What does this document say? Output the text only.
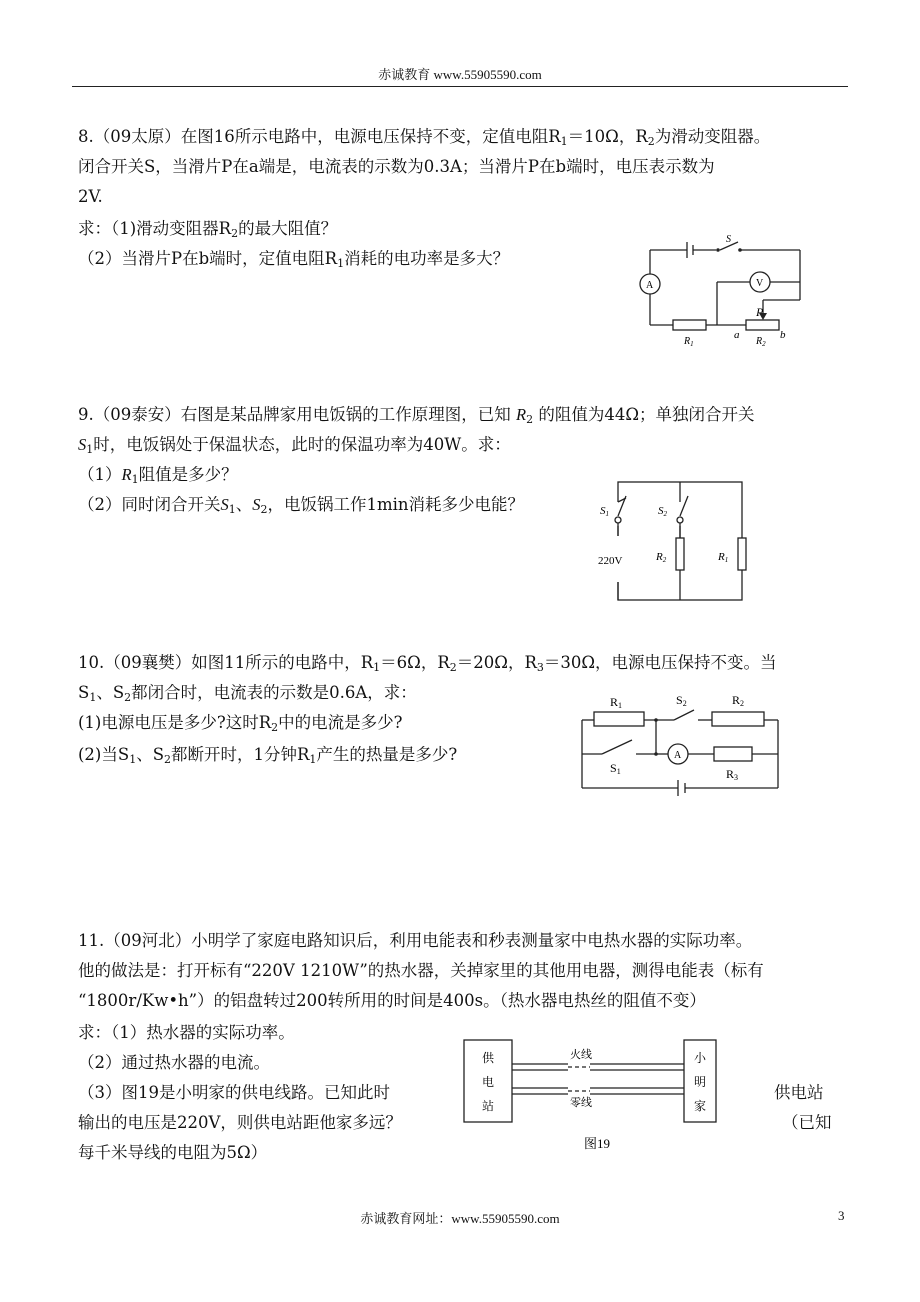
赤诚教育 www.55905590.com
8.（09太原）在图16所示电路中，电源电压保持不变，定值电阻$R_1=10\Omega$，$R_2$为滑动变阻器。
闭合开关S，当滑片P在a端是，电流表的示数为0.3A；当滑片P在b端时，电压表示数为
2V.
求：（1)滑动变阻器$R_2$的最大阻值？
（2）当滑片P在b端时，定值电阻$R_1$消耗的电功率是多大？
S
A	V
P
$R_1$	$R_2$
a	b
9.（09泰安）右图是某品牌家用电饭锅的工作原理图，已知 $R_2$ 的阻值为44Ω；单独闭合开关
$S_1$时，电饭锅处于保温状态，此时的保温功率为40W。求：
$(1)R_1$阻值是多少？
（2）同时闭合开关$S_1$、$S_2$，电饭锅工作1min消耗多少电能？	S1	S2
220V	R2	R1
10.（09襄樊）如图11所示的电路中，$R_1=6\Omega$，$R_2=20\Omega$，$R_3=30\Omega$，电源电压保持不变。当
$S_1$、$S_2$都闭合时，电流表的示数是0.6A，求：
(1)电源电压是多少?这时$R_2$中的电流是多少?
(2)当$S_1$、$S_2$都断开时，1分钟$R_1$产生的热量是多少?
R1	S2	R2
S1
A
R3
11.（09河北）小明学了家庭电路知识后，利用电能表和秒表测量家中电热水器的实际功率。
他的做法是：打开标有“220V 1210W”的热水器，关掉家里的其他用电器，测得电能表（标有
“1800r/Kw•h”）的铝盘转过200转所用的时间是400s。（热水器电热丝的阻值不变）
求：（1）热水器的实际功率。
（2）通过热水器的电流。
（3）图19是小明家的供电线路。已知此时	供电站
输出的电压是220V，则供电站距他家多远？	（已知
每千米导线的电阻为5Ω）
供
电
站
小
明
家
火线
零线
图19
赤诚教育网址：www.55905590.com	3
